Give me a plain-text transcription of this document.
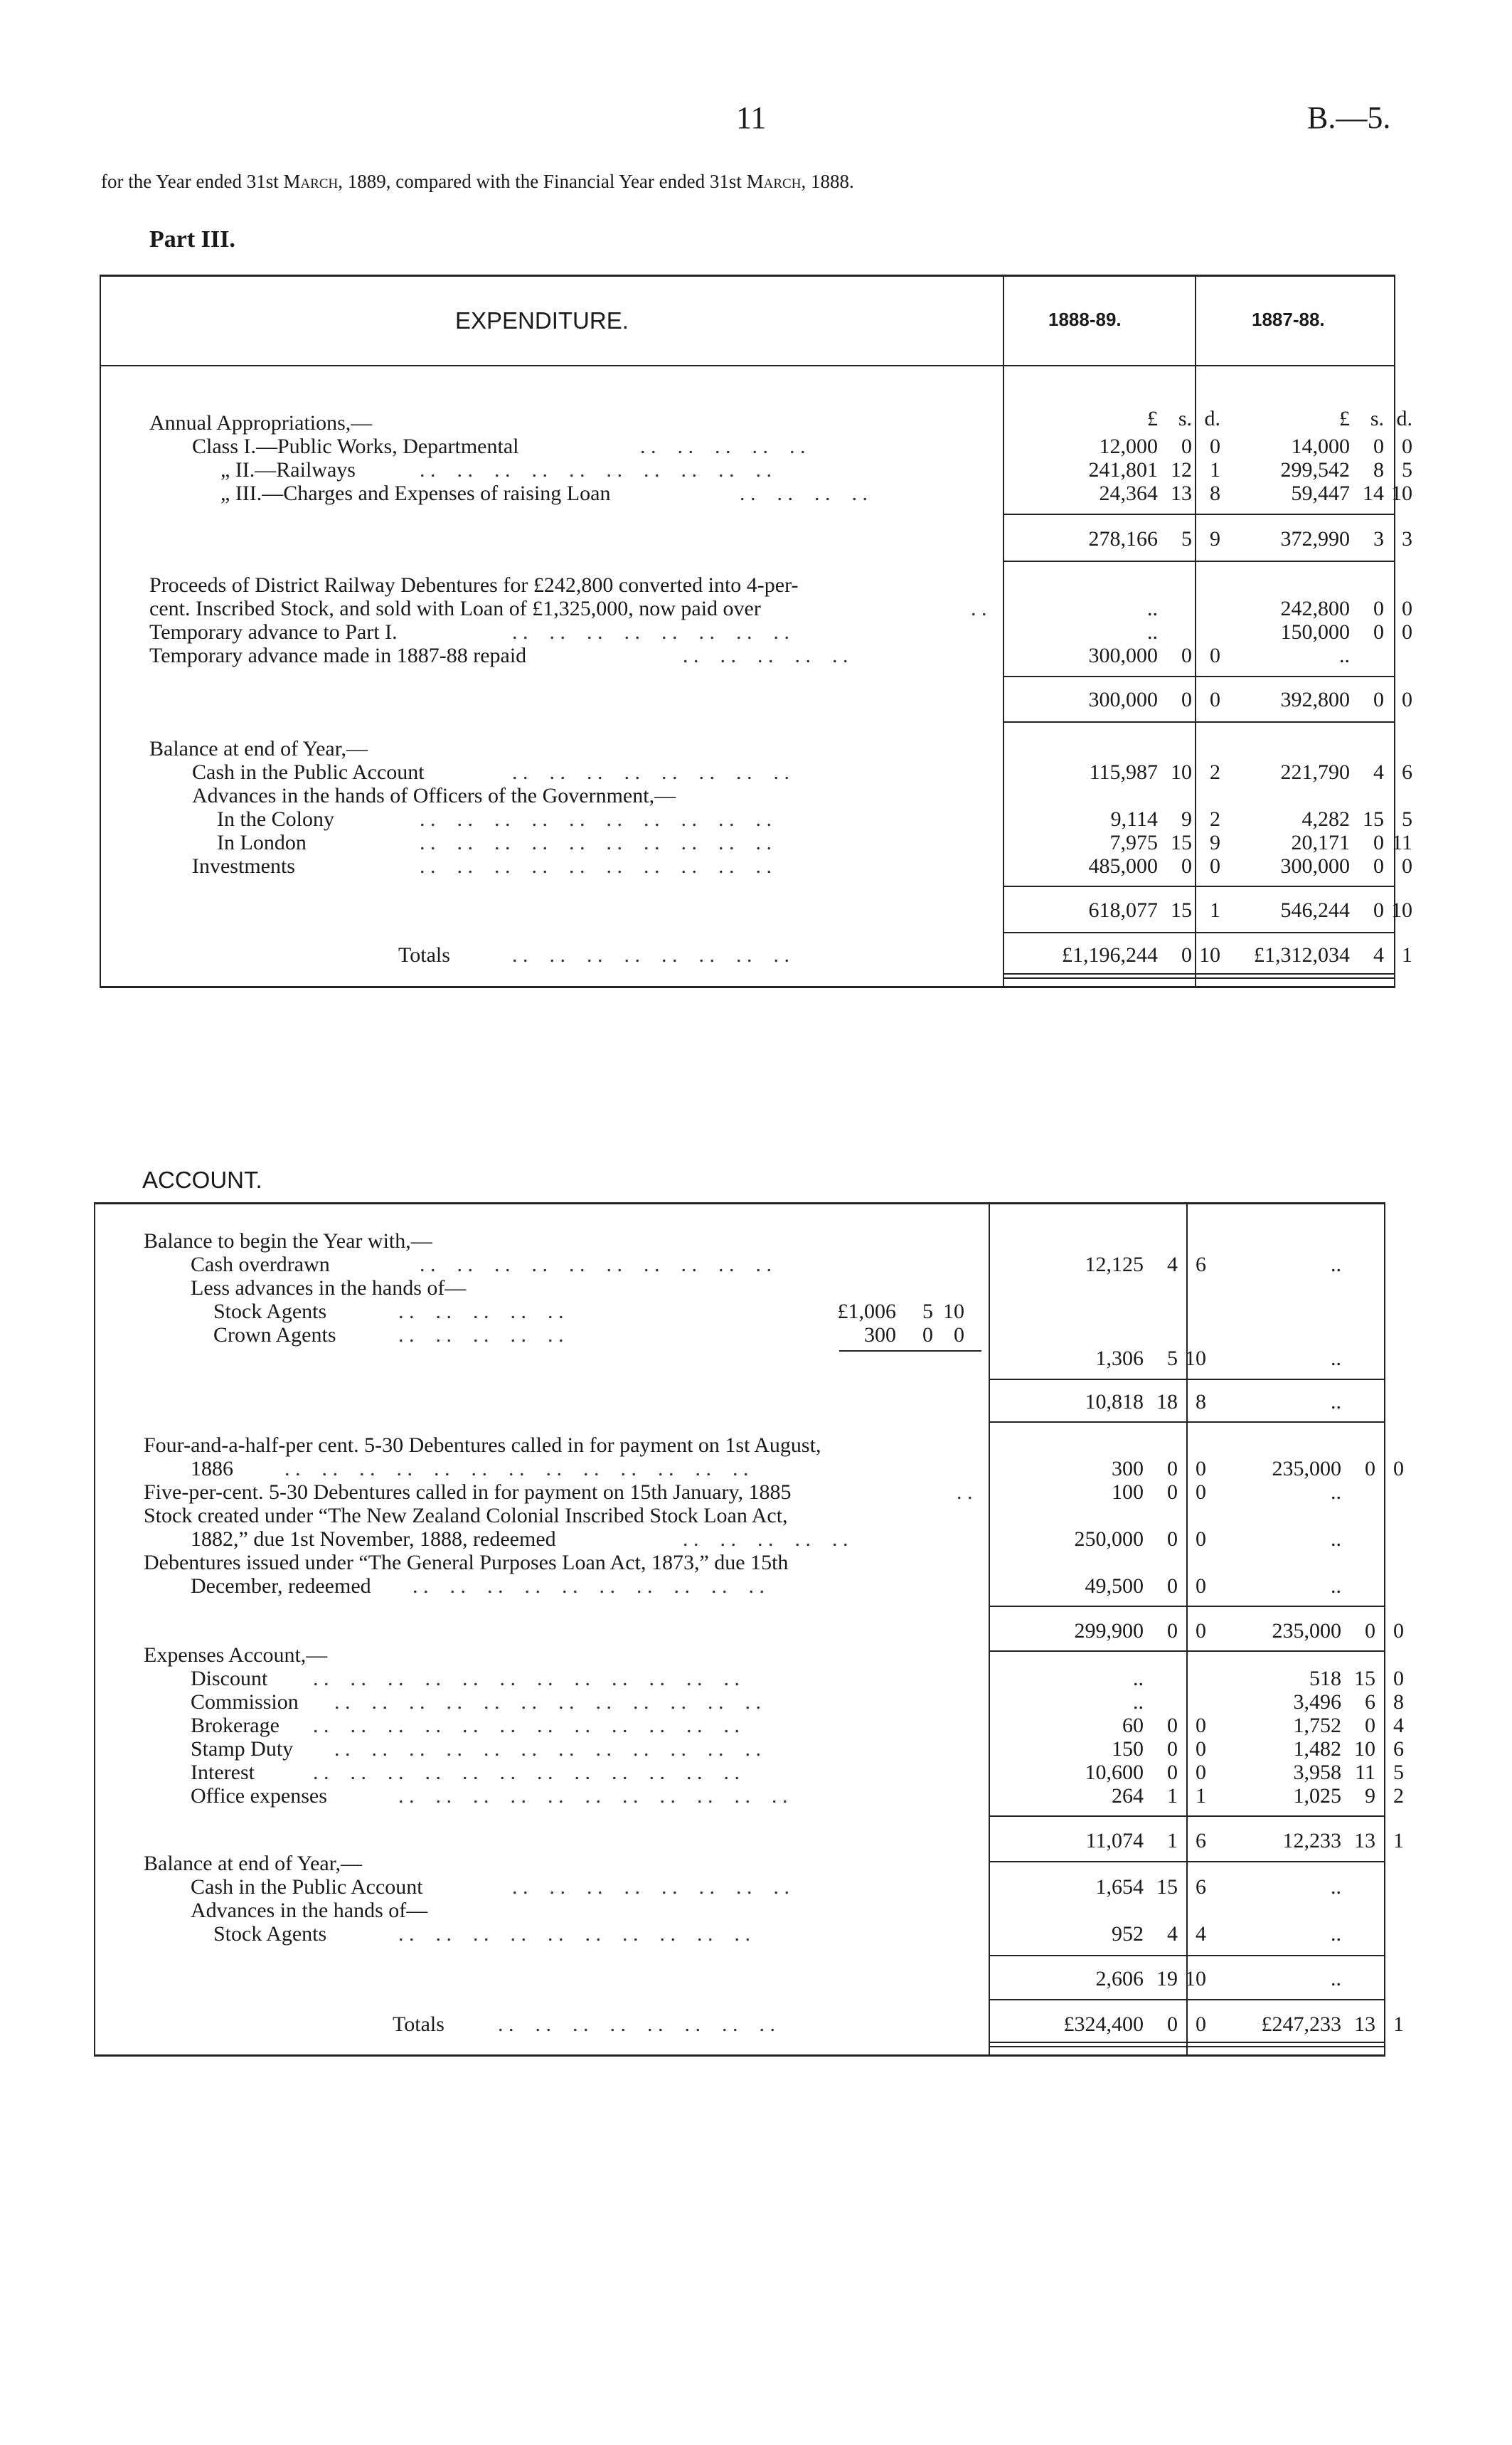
11	B.—5.
for the Year ended 31st March, 1889, compared with the Financial Year ended 31st March, 1888.
Part III.
EXPENDITURE.	1888-89.	1887-88.
£ s. d.	£ s. d.
Annual Appropriations,—
Class I.—Public Works, Departmental	. .    . .    . .    . .    . .	12,000 0 0	14,000 0 0
„ II.—Railways	. .    . .    . .    . .    . .    . .    . .    . .    . .    . .	241,801 12 1	299,542 8 5
„ III.—Charges and Expenses of raising Loan	. .    . .    . .    . .	24,364 13 8	59,447 14 10
278,166 5 9	372,990 3 3
Proceeds of District Railway Debentures for £242,800 converted into 4-per-
cent. Inscribed Stock, and sold with Loan of £1,325,000, now paid over	. .	..	242,800 0 0
Temporary advance to Part I.	. .    . .    . .    . .    . .    . .    . .    . .	..	150,000 0 0
Temporary advance made in 1887-88 repaid	. .    . .    . .    . .    . .	300,000 0 0	..
300,000 0 0	392,800 0 0
Balance at end of Year,—
Cash in the Public Account	. .    . .    . .    . .    . .    . .    . .    . .	115,987 10 2	221,790 4 6
Advances in the hands of Officers of the Government,—
In the Colony	. .    . .    . .    . .    . .    . .    . .    . .    . .    . .	9,114 9 2	4,282 15 5
In London	. .    . .    . .    . .    . .    . .    . .    . .    . .    . .	7,975 15 9	20,171 0 11
Investments	. .    . .    . .    . .    . .    . .    . .    . .    . .    . .	485,000 0 0	300,000 0 0
618,077 15 1	546,244 0 10
Totals	. .    . .    . .    . .    . .    . .    . .    . .	£1,196,244 0 10	£1,312,034 4 1
ACCOUNT.
Balance to begin the Year with,—
Cash overdrawn	. .    . .    . .    . .    . .    . .    . .    . .    . .    . .	12,125 4 6	..
Less advances in the hands of—
Stock Agents	. .    . .    . .    . .    . .	£1,006 5 10
Crown Agents	. .    . .    . .    . .    . .	300 0 0
1,306 5 10	..
10,818 18 8	..
Four-and-a-half-per cent. 5-30 Debentures called in for payment on 1st August,
1886 . .    . .    . .    . .    . .    . .    . .    . .    . .    . .    . .    . .    . .	300 0 0	235,000 0 0
Five-per-cent. 5-30 Debentures called in for payment on 15th January, 1885	. .	100 0 0	..
Stock created under “The New Zealand Colonial Inscribed Stock Loan Act,
1882,” due 1st November, 1888, redeemed	. .    . .    . .    . .    . .	250,000 0 0	..
Debentures issued under “The General Purposes Loan Act, 1873,” due 15th
December, redeemed . .    . .    . .    . .    . .    . .    . .    . .    . .    . .	49,500 0 0	..
299,900 0 0	235,000 0 0
Expenses Account,—
Discount . .    . .    . .    . .    . .    . .    . .    . .    . .    . .    . .    . .	..	518 15 0
Commission . .    . .    . .    . .    . .    . .    . .    . .    . .    . .    . .    . .	..	3,496 6 8
Brokerage . .    . .    . .    . .    . .    . .    . .    . .    . .    . .    . .    . .	60 0 0	1,752 0 4
Stamp Duty . .    . .    . .    . .    . .    . .    . .    . .    . .    . .    . .    . .	150 0 0	1,482 10 6
Interest	. .    . .    . .    . .    . .    . .    . .    . .    . .    . .    . .    . .	10,600 0 0	3,958 11 5
Office expenses	. .    . .    . .    . .    . .    . .    . .    . .    . .    . .    . .	264 1 1	1,025 9 2
11,074 1 6	12,233 13 1
Balance at end of Year,—
Cash in the Public Account	. .    . .    . .    . .    . .    . .    . .    . .	1,654 15 6	..
Advances in the hands of—
Stock Agents	. .    . .    . .    . .    . .    . .    . .    . .    . .    . .	952 4 4	..
2,606 19 10	..
Totals	. .    . .    . .    . .    . .    . .    . .    . .	£324,400 0 0	£247,233 13 1
